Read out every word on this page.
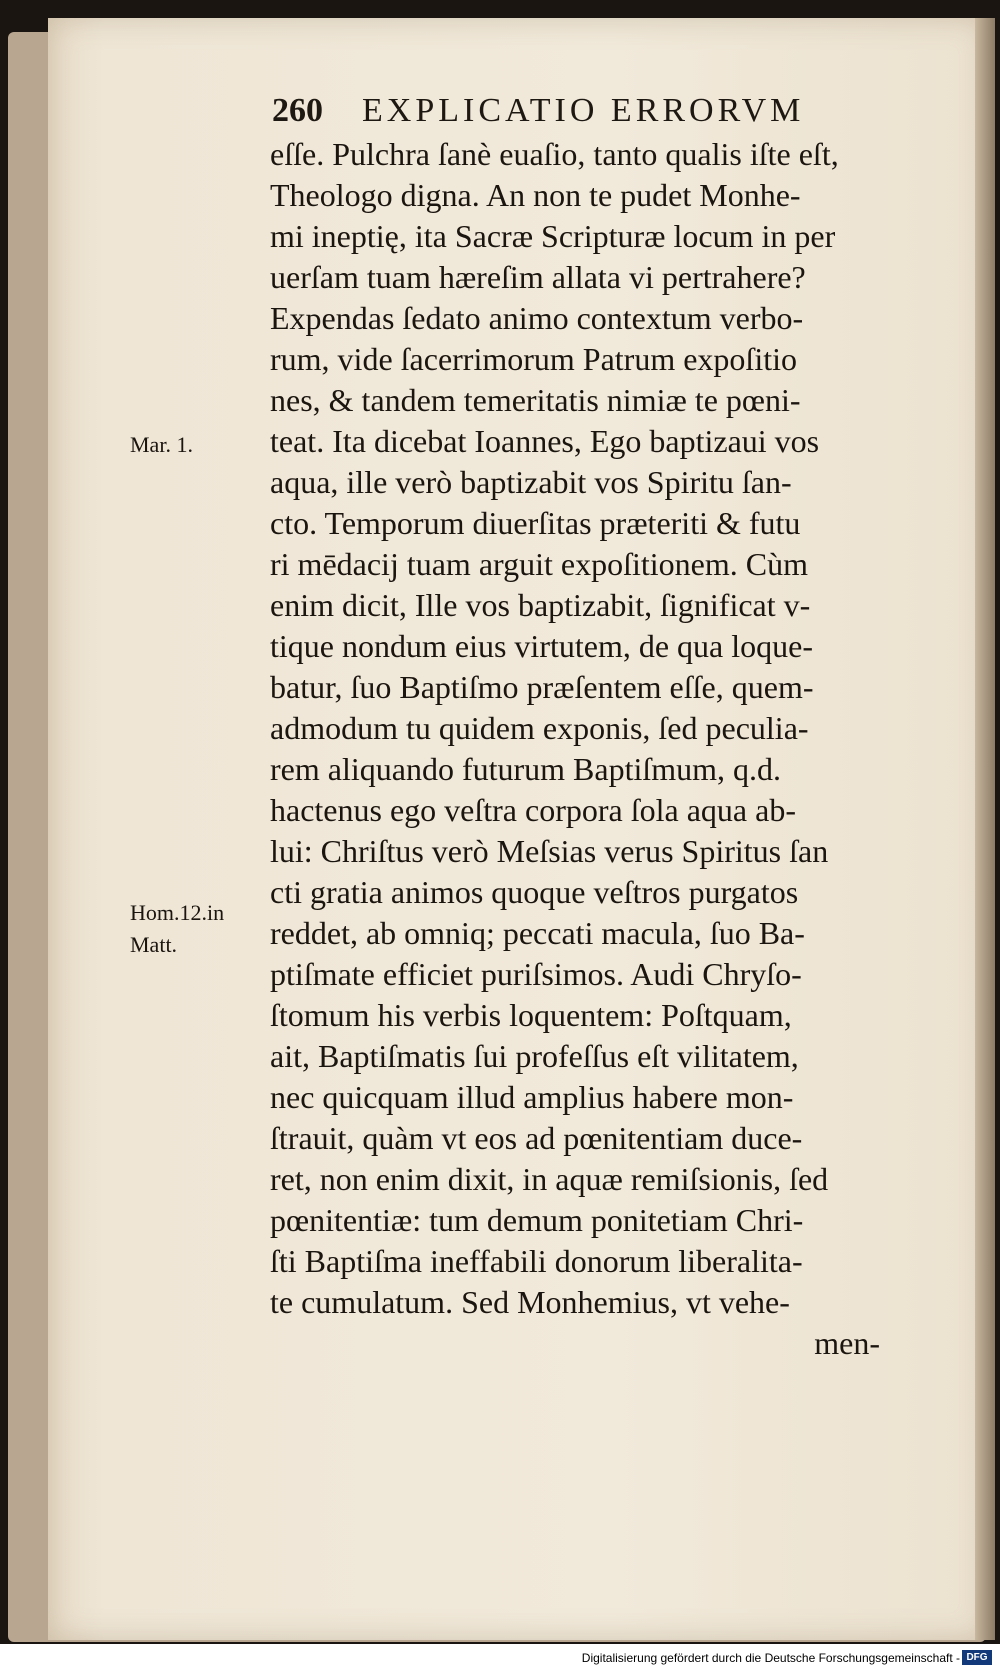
260 EXPLICATIO ERRORVM
Mar. 1.
Hom.12.in
Matt.
eſſe. Pulchra ſanè euaſio, tanto qualis iſte eſt,
Theologo digna. An non te pudet Monhe-
mi ineptię, ita Sacræ Scripturæ locum in per
uerſam tuam hæreſim allata vi pertrahere?
Expendas ſedato animo contextum verbo-
rum, vide ſacerrimorum Patrum expoſitio
nes, & tandem temeritatis nimiæ te pœni-
teat. Ita dicebat Ioannes, Ego baptizaui vos
aqua, ille verò baptizabit vos Spiritu ſan-
cto. Temporum diuerſitas præteriti & futu
ri mēdacij tuam arguit expoſitionem. Cùm
enim dicit, Ille vos baptizabit, ſignificat v-
tique nondum eius virtutem, de qua loque-
batur, ſuo Baptiſmo præſentem eſſe, quem-
admodum tu quidem exponis, ſed peculia-
rem aliquando futurum Baptiſmum, q.d.
hactenus ego veſtra corpora ſola aqua ab-
lui: Chriſtus verò Meſsias verus Spiritus ſan
cti gratia animos quoque veſtros purgatos
reddet, ab omniq; peccati macula, ſuo Ba-
ptiſmate efficiet puriſsimos. Audi Chryſo-
ſtomum his verbis loquentem: Poſtquam,
ait, Baptiſmatis ſui profeſſus eſt vilitatem,
nec quicquam illud amplius habere mon-
ſtrauit, quàm vt eos ad pœnitentiam duce-
ret, non enim dixit, in aquæ remiſsionis, ſed
pœnitentiæ: tum demum ponitetiam Chri-
ſti Baptiſma ineffabili donorum liberalita-
te cumulatum. Sed Monhemius, vt vehe-
men-
Digitalisierung gefördert durch die Deutsche Forschungsgemeinschaft - DFG
